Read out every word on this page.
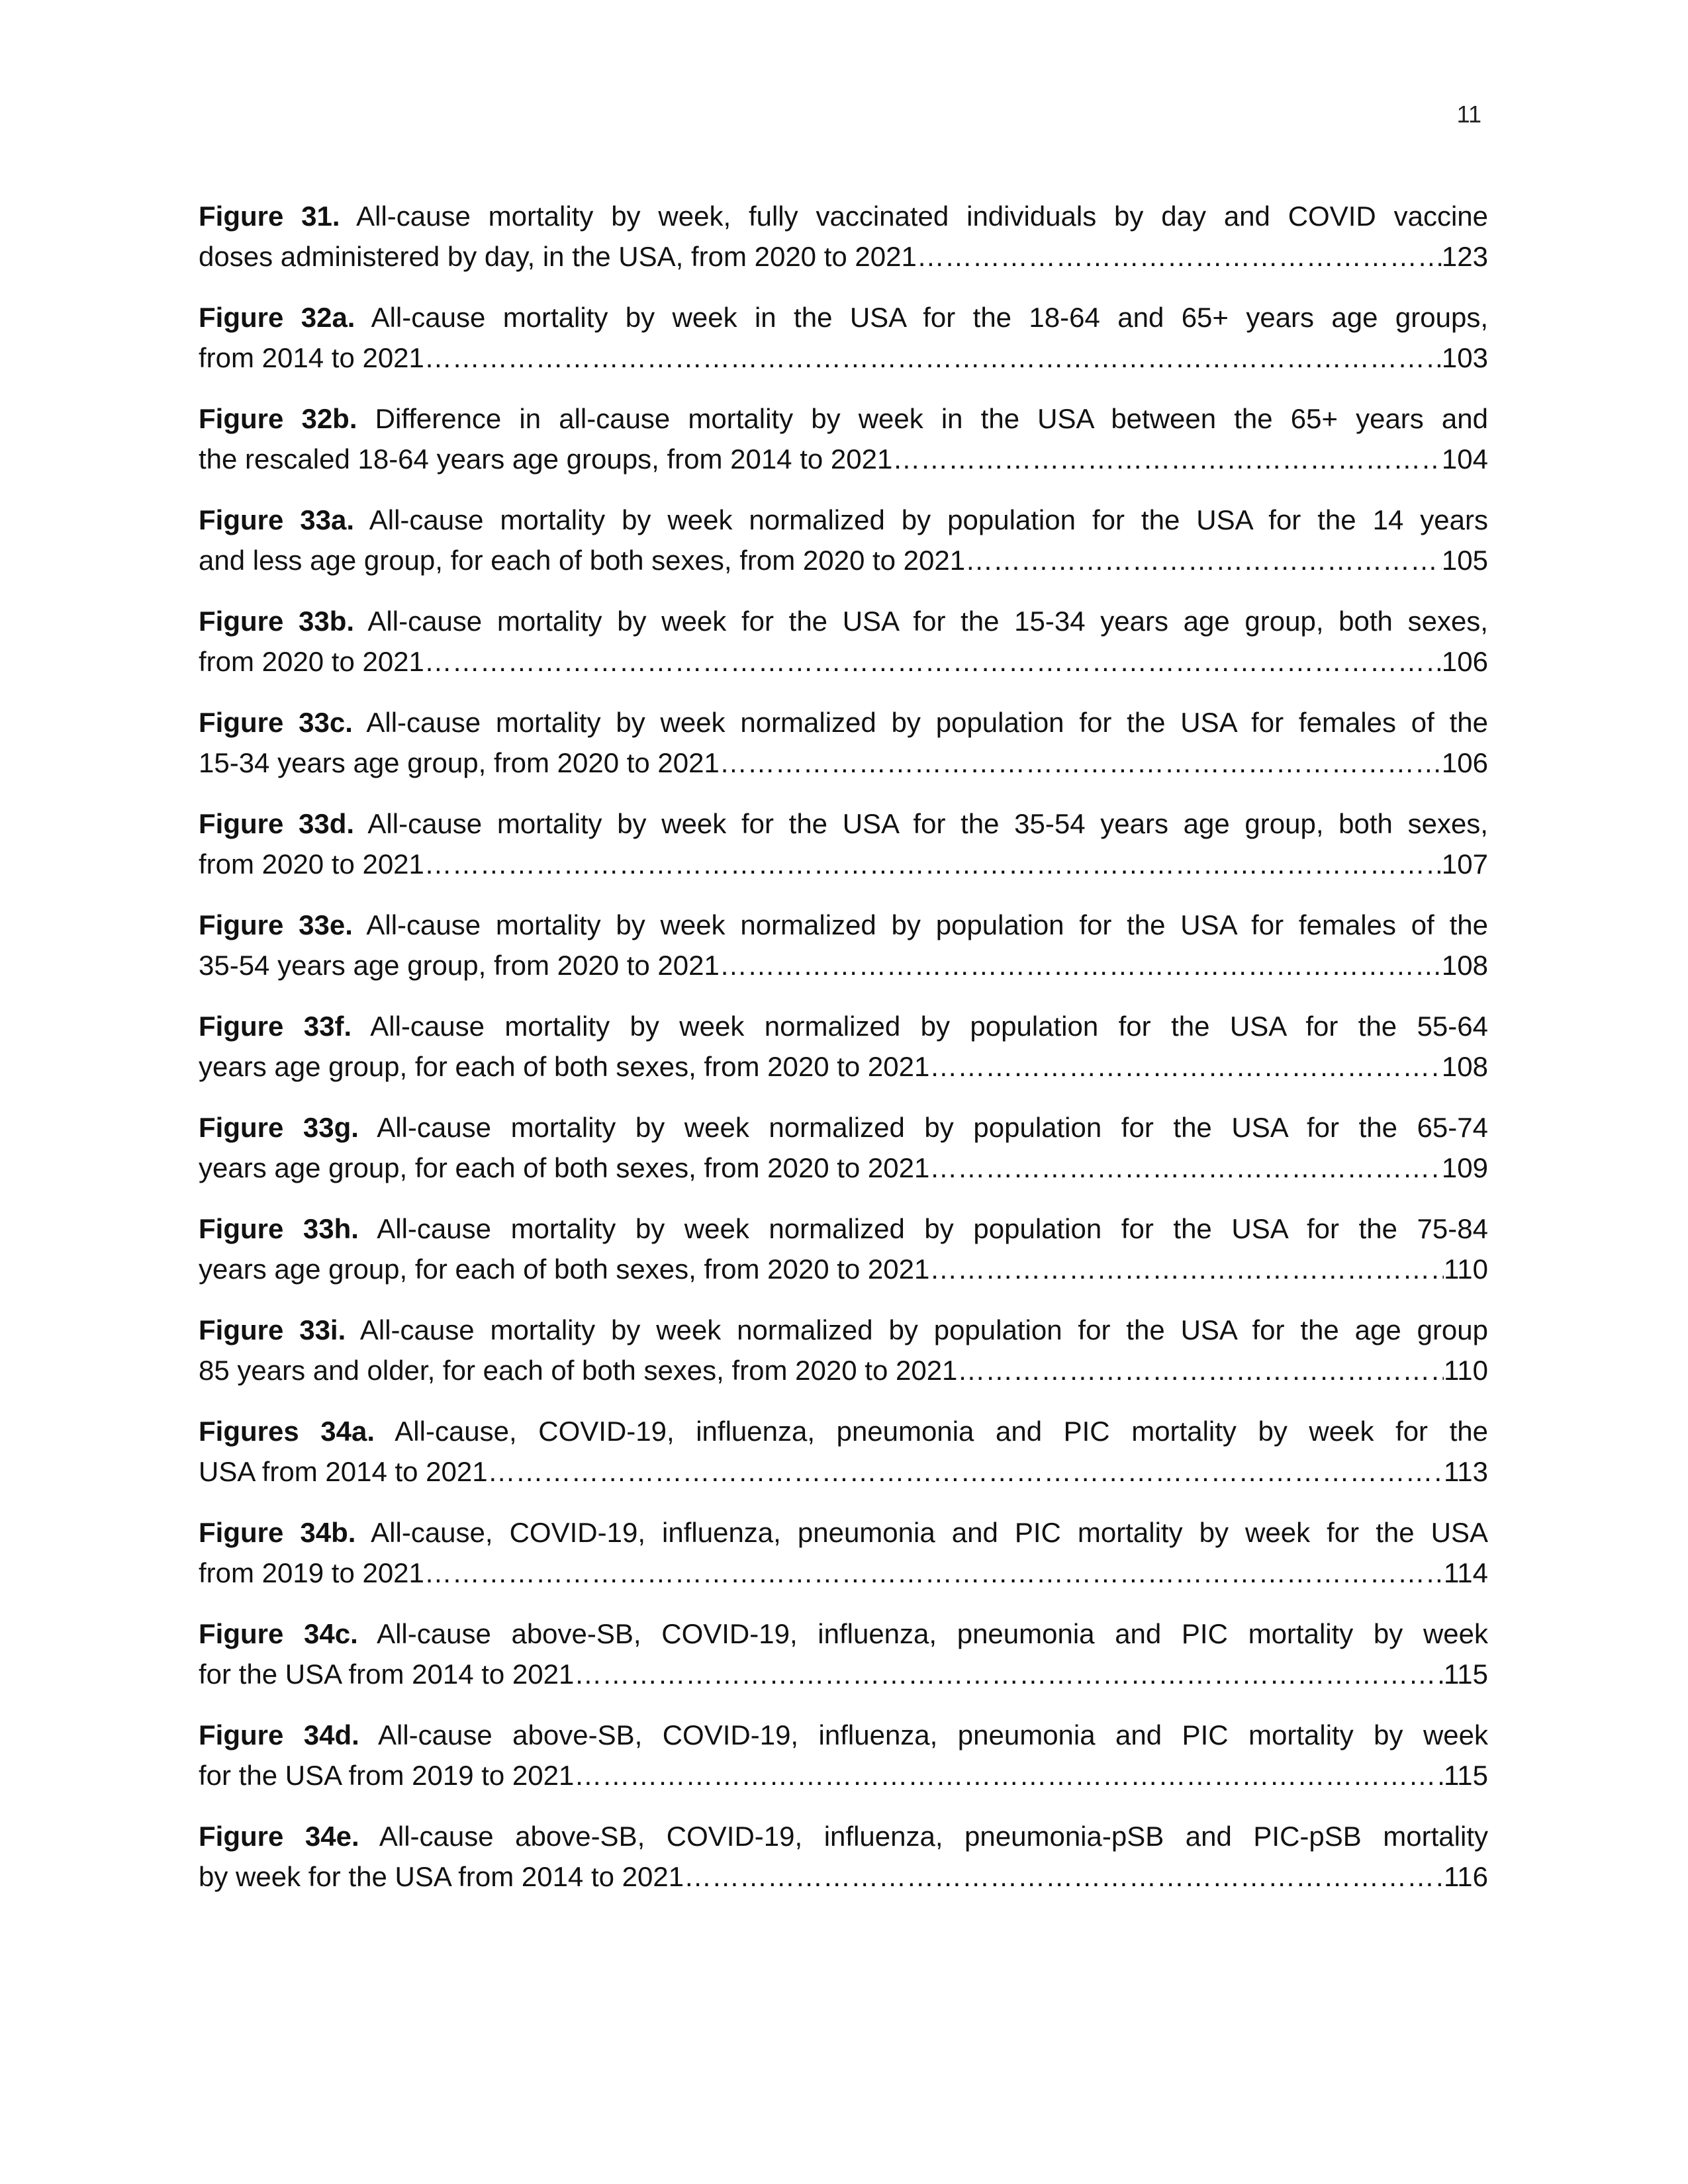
11
Figure 31. All-cause mortality by week, fully vaccinated individuals by day and COVID vaccine
doses administered by day, in the USA, from 2020 to 2021 ……………………………………………………………………………………………………………………………………………………………………………………………………………………………………………………	123
Figure 32a. All-cause mortality by week in the USA for the 18-64 and 65+ years age groups,
from 2014 to 2021 ……………………………………………………………………………………………………………………………………………………………………………………………………………………………………………………	103
Figure 32b. Difference in all-cause mortality by week in the USA between the 65+ years and
the rescaled 18-64 years age groups, from 2014 to 2021 ……………………………………………………………………………………………………………………………………………………………………………………………………………………………………………………	104
Figure 33a. All-cause mortality by week normalized by population for the USA for the 14 years
and less age group, for each of both sexes, from 2020 to 2021 ……………………………………………………………………………………………………………………………………………………………………………………………………………………………………………………	105
Figure 33b. All-cause mortality by week for the USA for the 15-34 years age group, both sexes,
from 2020 to 2021 ……………………………………………………………………………………………………………………………………………………………………………………………………………………………………………………	106
Figure 33c. All-cause mortality by week normalized by population for the USA for females of the
15-34 years age group, from 2020 to 2021 ……………………………………………………………………………………………………………………………………………………………………………………………………………………………………………………	106
Figure 33d. All-cause mortality by week for the USA for the 35-54 years age group, both sexes,
from 2020 to 2021 ……………………………………………………………………………………………………………………………………………………………………………………………………………………………………………………	107
Figure 33e. All-cause mortality by week normalized by population for the USA for females of the
35-54 years age group, from 2020 to 2021 ……………………………………………………………………………………………………………………………………………………………………………………………………………………………………………………	108
Figure 33f. All-cause mortality by week normalized by population for the USA for the 55-64
years age group, for each of both sexes, from 2020 to 2021 ……………………………………………………………………………………………………………………………………………………………………………………………………………………………………………………	108
Figure 33g. All-cause mortality by week normalized by population for the USA for the 65-74
years age group, for each of both sexes, from 2020 to 2021 ……………………………………………………………………………………………………………………………………………………………………………………………………………………………………………………	109
Figure 33h. All-cause mortality by week normalized by population for the USA for the 75-84
years age group, for each of both sexes, from 2020 to 2021 ……………………………………………………………………………………………………………………………………………………………………………………………………………………………………………………	110
Figure 33i. All-cause mortality by week normalized by population for the USA for the age group
85 years and older, for each of both sexes, from 2020 to 2021 ……………………………………………………………………………………………………………………………………………………………………………………………………………………………………………………	110
Figures 34a. All-cause, COVID-19, influenza, pneumonia and PIC mortality by week for the
USA from 2014 to 2021 ……………………………………………………………………………………………………………………………………………………………………………………………………………………………………………………	113
Figure 34b. All-cause, COVID-19, influenza, pneumonia and PIC mortality by week for the USA
from 2019 to 2021 ……………………………………………………………………………………………………………………………………………………………………………………………………………………………………………………	114
Figure 34c. All-cause above-SB, COVID-19, influenza, pneumonia and PIC mortality by week
for the USA from 2014 to 2021 ……………………………………………………………………………………………………………………………………………………………………………………………………………………………………………………	115
Figure 34d. All-cause above-SB, COVID-19, influenza, pneumonia and PIC mortality by week
for the USA from 2019 to 2021 ……………………………………………………………………………………………………………………………………………………………………………………………………………………………………………………	115
Figure 34e. All-cause above-SB, COVID-19, influenza, pneumonia-pSB and PIC-pSB mortality
by week for the USA from 2014 to 2021 ……………………………………………………………………………………………………………………………………………………………………………………………………………………………………………………	116
